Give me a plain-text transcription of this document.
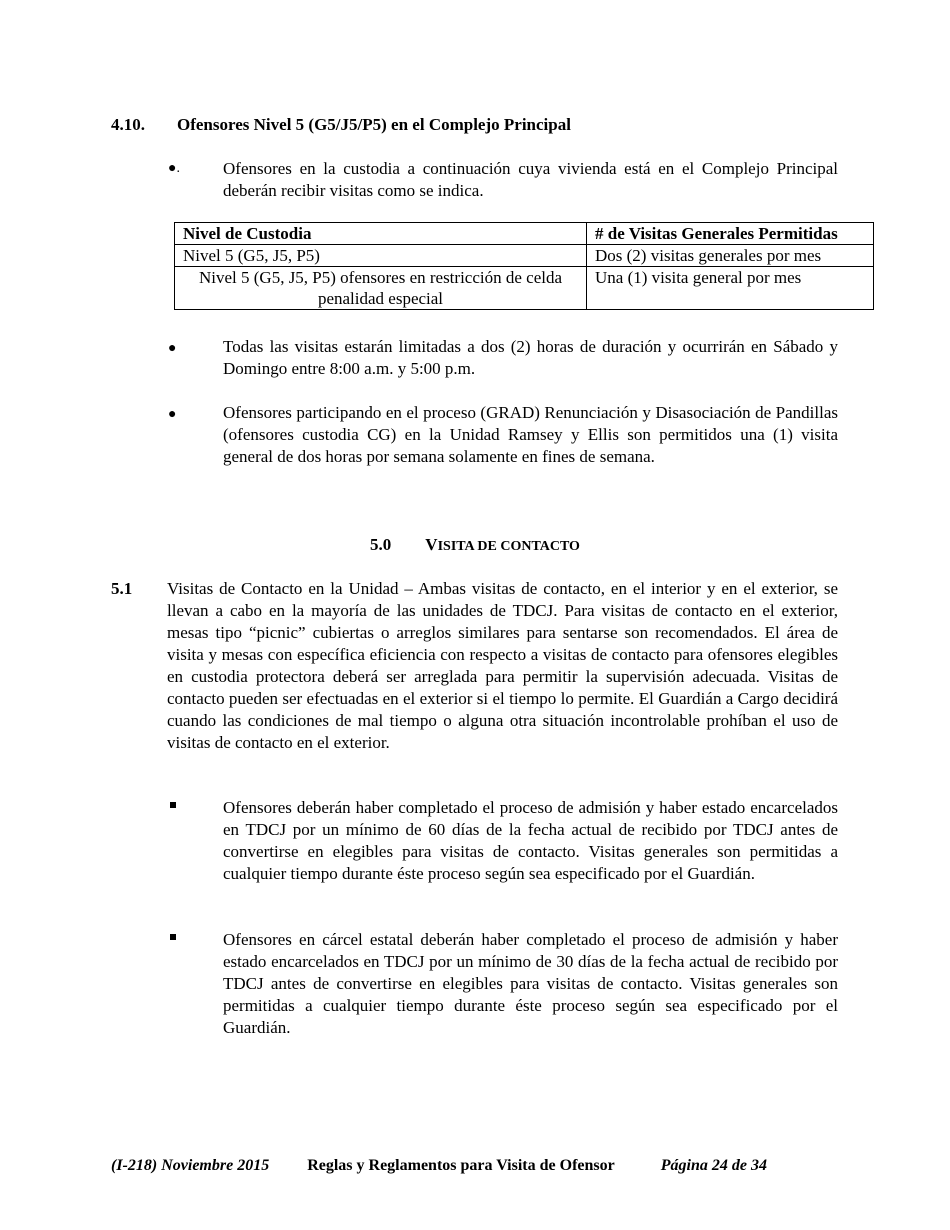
4.10. Ofensores Nivel 5 (G5/J5/P5) en el Complejo Principal
●.	Ofensores en la custodia a continuación cuya vivienda está en el Complejo Principal deberán recibir visitas como se indica.
Nivel de Custodia	# de Visitas Generales Permitidas
Nivel 5 (G5, J5, P5)	Dos (2) visitas generales por mes
Nivel 5 (G5, J5, P5) ofensores en restricción de celda penalidad especial	Una (1) visita general por mes
●	Todas las visitas estarán limitadas a dos (2) horas de duración y ocurrirán en Sábado y Domingo entre 8:00 a.m. y 5:00 p.m.
●	Ofensores participando en el proceso (GRAD) Renunciación y Disasociación de Pandillas (ofensores custodia CG) en la Unidad Ramsey y Ellis son permitidos una (1) visita general de dos horas por semana solamente en fines de semana.
5.0 VISITA DE CONTACTO
5.1 Visitas de Contacto en la Unidad – Ambas visitas de contacto, en el interior y en el exterior, se llevan a cabo en la mayoría de las unidades de TDCJ. Para visitas de contacto en el exterior, mesas tipo “picnic” cubiertas o arreglos similares para sentarse son recomendados. El área de visita y mesas con específica eficiencia con respecto a visitas de contacto para ofensores elegibles en custodia protectora deberá ser arreglada para permitir la supervisión adecuada. Visitas de contacto pueden ser efectuadas en el exterior si el tiempo lo permite. El Guardián a Cargo decidirá cuando las condiciones de mal tiempo o alguna otra situación incontrolable prohíban el uso de visitas de contacto en el exterior.
Ofensores deberán haber completado el proceso de admisión y haber estado encarcelados en TDCJ por un mínimo de 60 días de la fecha actual de recibido por TDCJ antes de convertirse en elegibles para visitas de contacto. Visitas generales son permitidas a cualquier tiempo durante éste proceso según sea especificado por el Guardián.
Ofensores en cárcel estatal deberán haber completado el proceso de admisión y haber estado encarcelados en TDCJ por un mínimo de 30 días de la fecha actual de recibido por TDCJ antes de convertirse en elegibles para visitas de contacto. Visitas generales son permitidas a cualquier tiempo durante éste proceso según sea especificado por el Guardián.
(I-218) Noviembre 2015 Reglas y Reglamentos para Visita de Ofensor	Página 24 de 34
